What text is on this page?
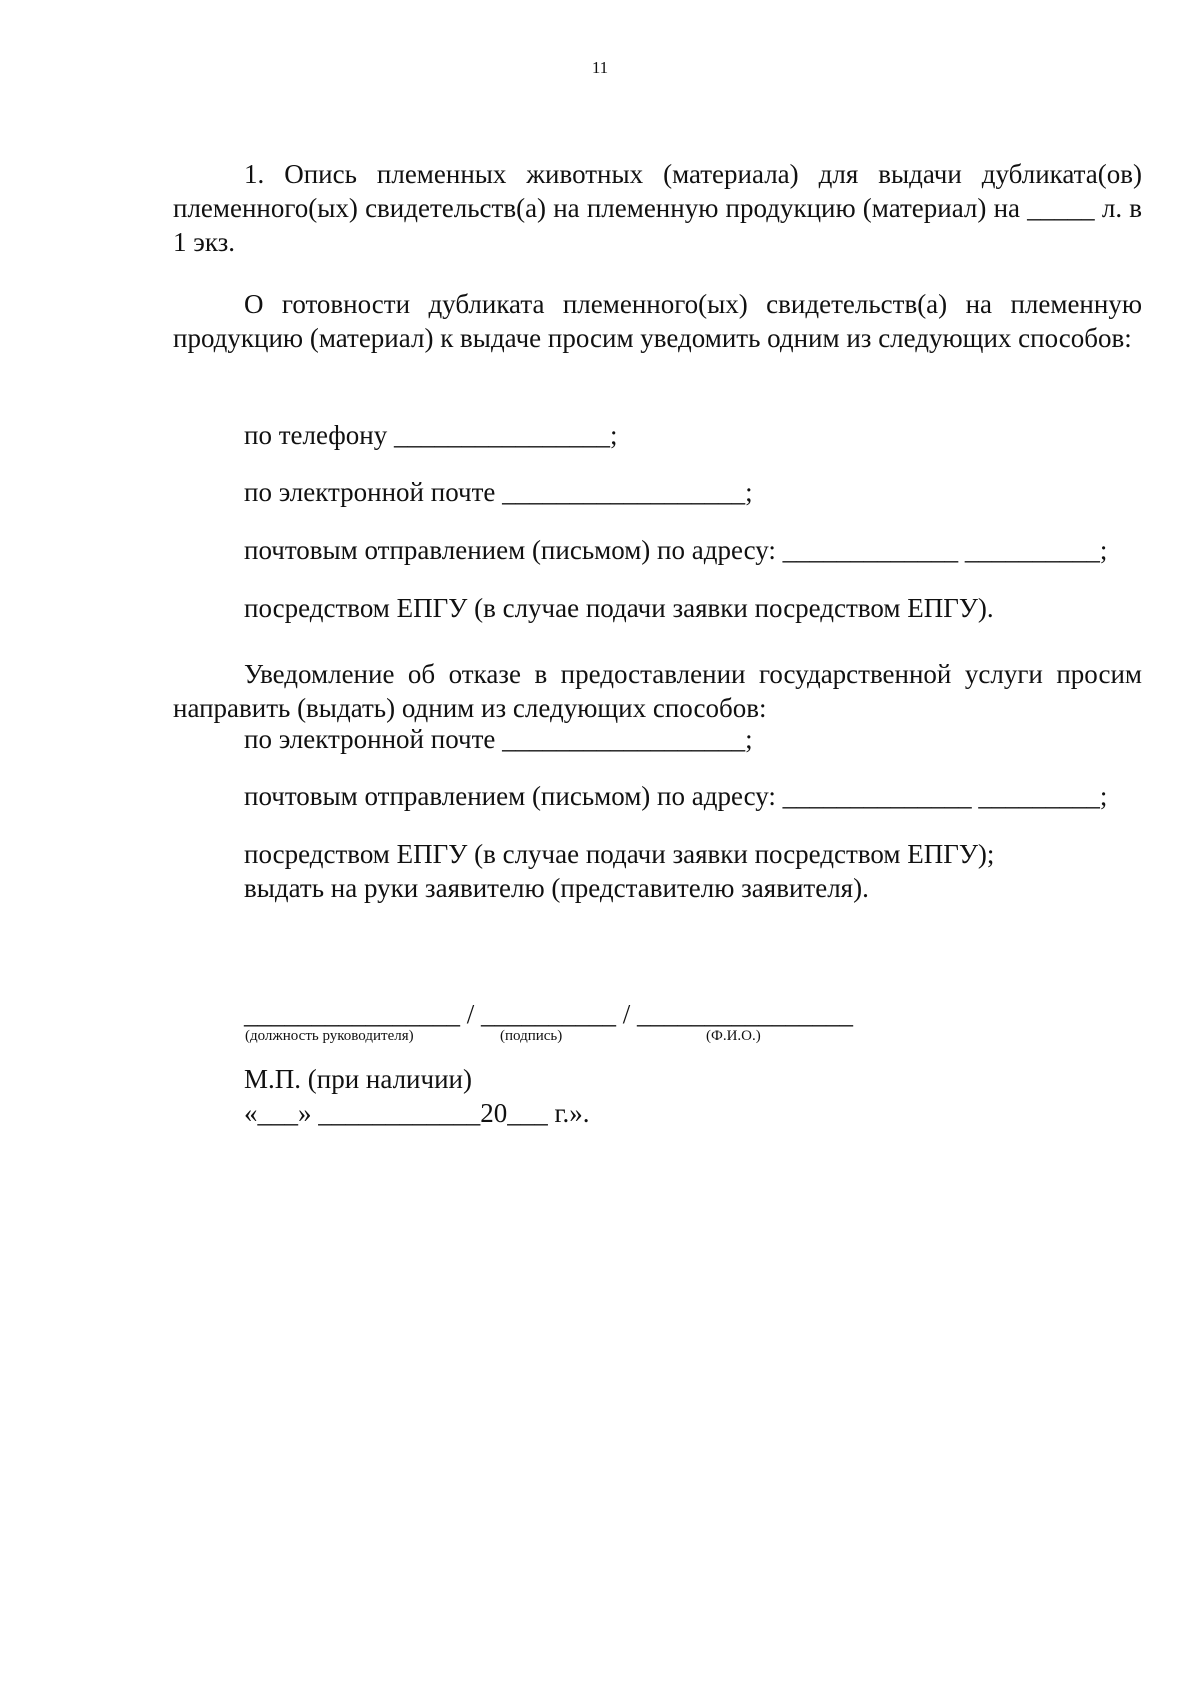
11
1. Опись племенных животных (материала) для выдачи дубликата(ов) племенного(ых) свидетельств(а) на племенную продукцию (материал) на _____ л. в 1 экз.
О готовности дубликата племенного(ых) свидетельств(а) на племенную продукцию (материал) к выдаче просим уведомить одним из следующих способов:
по телефону ________________;
по электронной почте __________________;
почтовым отправлением (письмом) по адресу: _____________ __________;
посредством ЕПГУ (в случае подачи заявки посредством ЕПГУ).
Уведомление об отказе в предоставлении государственной услуги просим направить (выдать) одним из следующих способов:
по электронной почте __________________;
почтовым отправлением (письмом) по адресу: ______________ _________;
посредством ЕПГУ (в случае подачи заявки посредством ЕПГУ);
выдать на руки заявителю (представителю заявителя).
________________ / __________ / ________________
(должность руководителя)	(подпись)	(Ф.И.О.)
М.П. (при наличии)
«___» ____________20___ г.».
